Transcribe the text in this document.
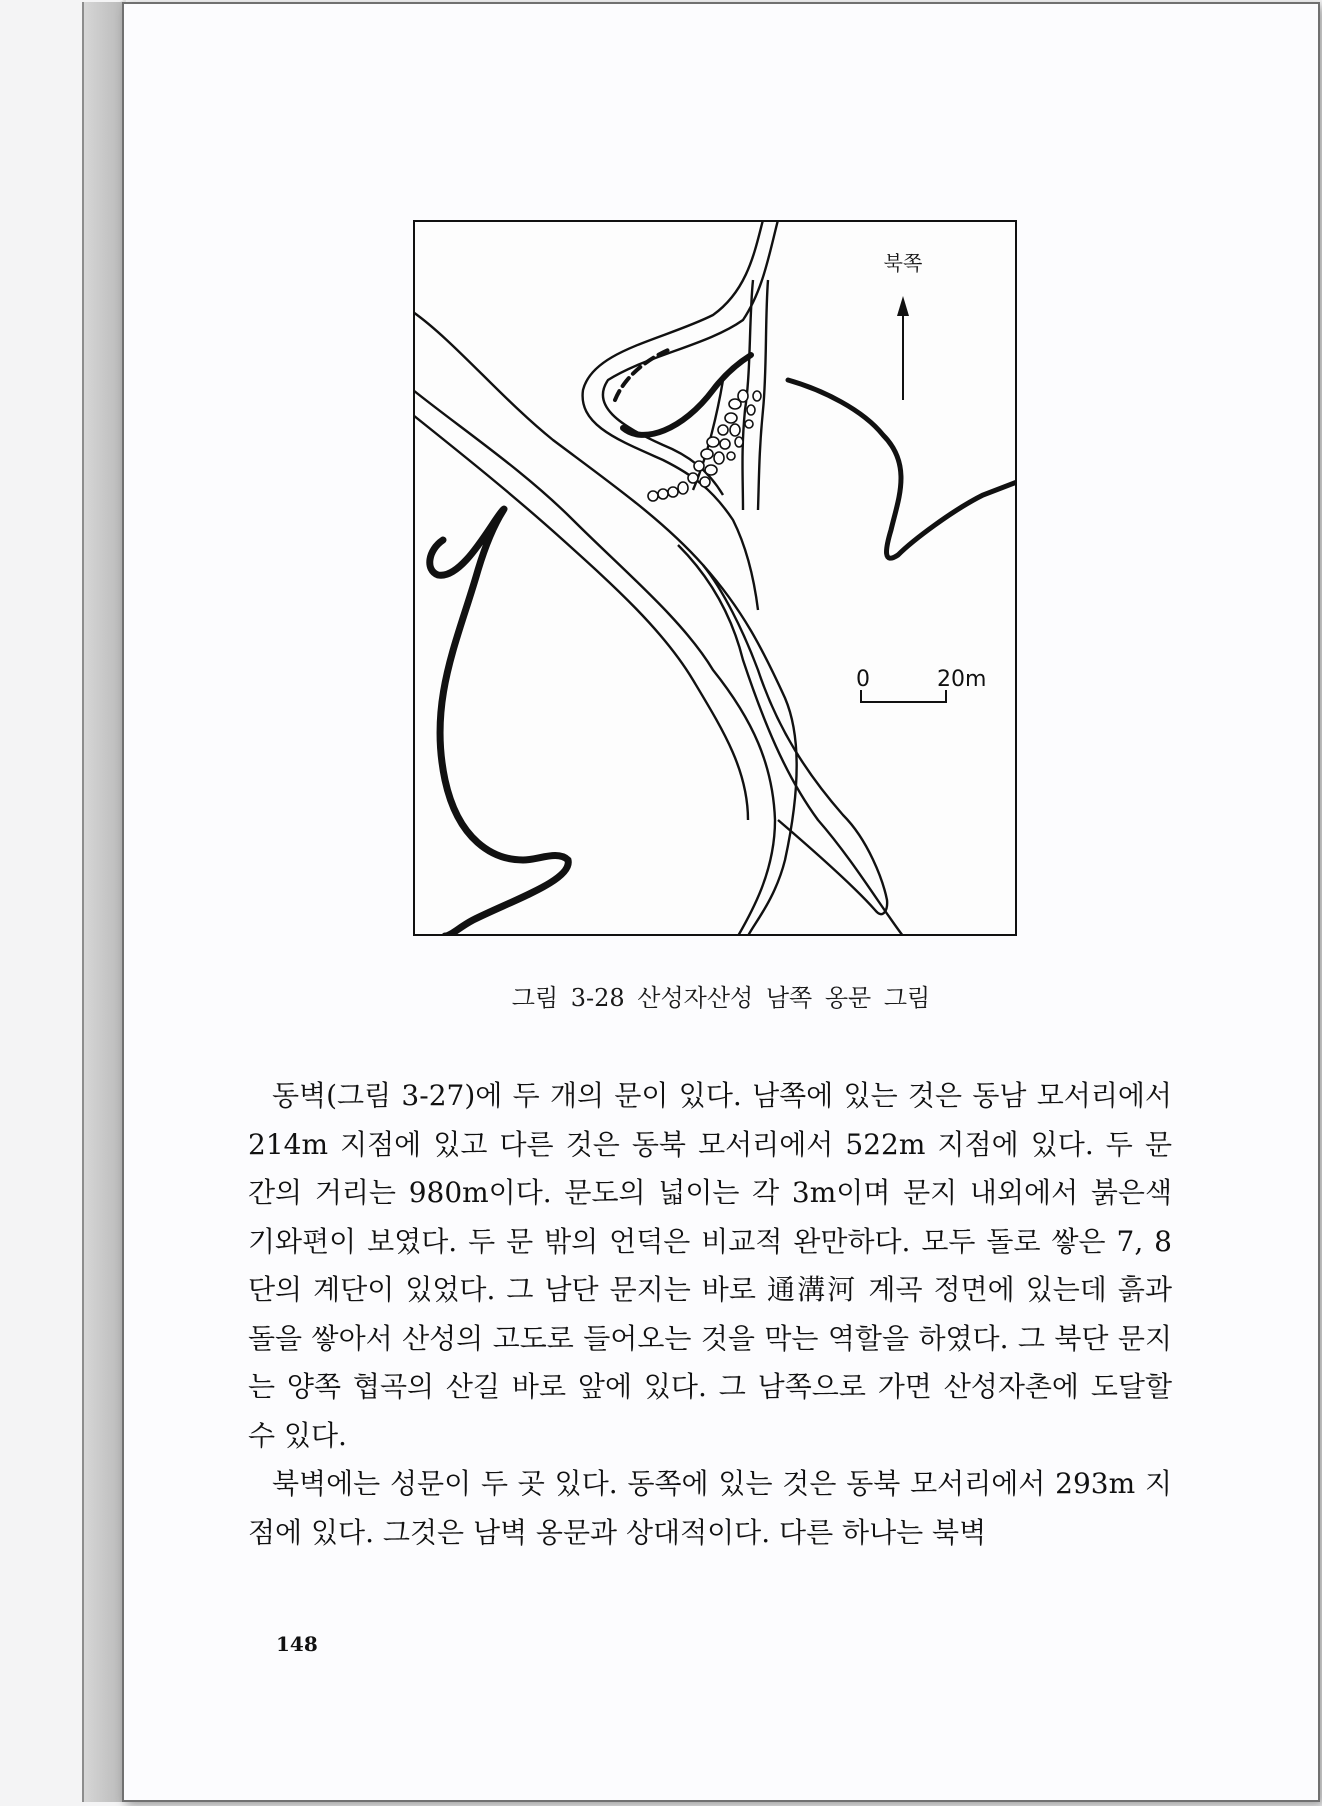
북쪽
0	20m
그림 3-28 산성자산성 남쪽 옹문 그림

동벽(그림 3-27)에 두 개의 문이 있다. 남쪽에 있는 것은 동남 모서리에서 214m 지점에 있고 다른 것은 동북 모서리에서 522m 지점에 있다. 두 문 간의 거리는 980m이다. 문도의 넓이는 각 3m이며 문지 내외에서 붉은색 기와편이 보였다. 두 문 밖의 언덕은 비교적 완만하다. 모두 돌로 쌓은 7, 8단의 계단이 있었다. 그 남단 문지는 바로 通溝河 계곡 정면에 있는데 흙과 돌을 쌓아서 산성의 고도로 들어오는 것을 막는 역할을 하였다. 그 북단 문지는 양쪽 협곡의 산길 바로 앞에 있다. 그 남쪽으로 가면 산성자촌에 도달할 수 있다.

북벽에는 성문이 두 곳 있다. 동쪽에 있는 것은 동북 모서리에서 293m 지점에 있다. 그것은 남벽 옹문과 상대적이다. 다른 하나는 북벽

148
